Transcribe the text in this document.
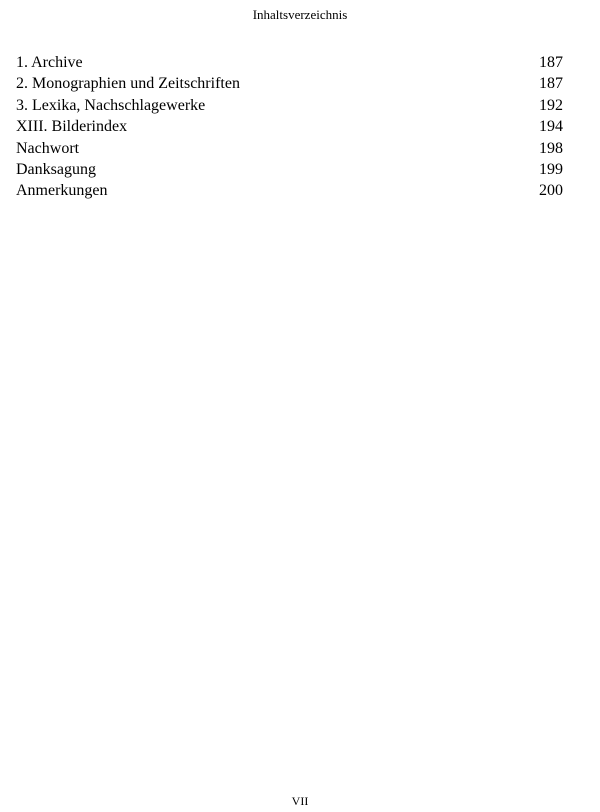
Inhaltsverzeichnis
1. Archive	187
2. Monographien und Zeitschriften	187
3. Lexika, Nachschlagewerke	192
XIII. Bilderindex	194
Nachwort	198
Danksagung	199
Anmerkungen	200
VII
